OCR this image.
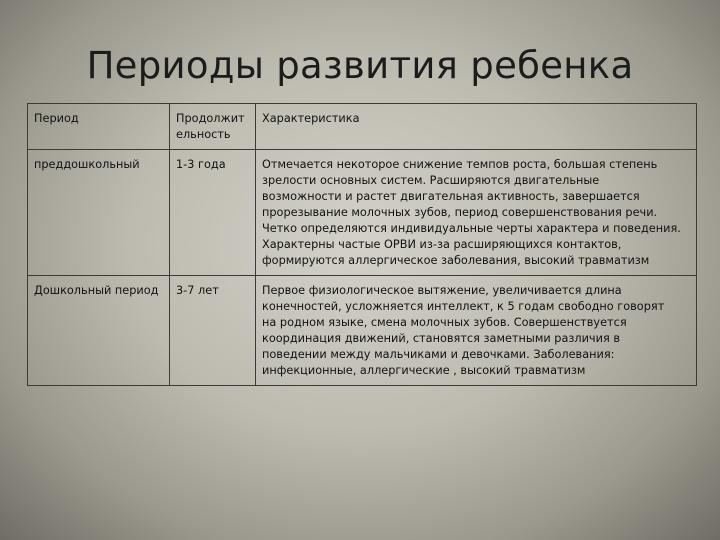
Периоды развития ребенка
Период	Продолжительность	Характеристика
преддошкольный	1-3 года	Отмечается некоторое снижение темпов роста, большая степень зрелости основных систем. Расширяются двигательные возможности и растет двигательная активность, завершается прорезывание молочных зубов, период совершенствования речи. Четко определяются индивидуальные черты характера и поведения. Характерны частые ОРВИ из-за расширяющихся контактов, формируются аллергическое заболевания, высокий травматизм
Дошкольный период	3-7 лет	Первое физиологическое вытяжение, увеличивается длина конечностей, усложняется интеллект, к 5 годам свободно говорят на родном языке, смена молочных зубов. Совершенствуется координация движений, становятся заметными различия в поведении между мальчиками и девочками. Заболевания: инфекционные, аллергические , высокий травматизм
